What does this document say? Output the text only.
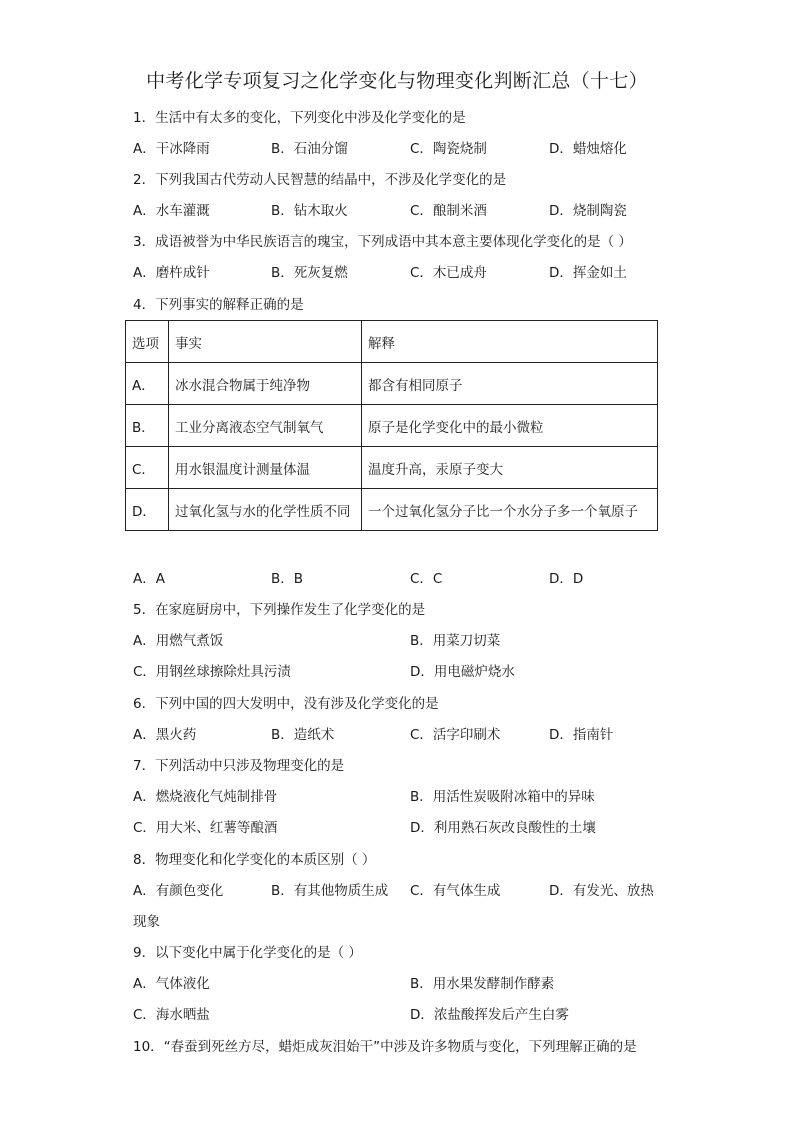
中考化学专项复习之化学变化与物理变化判断汇总（十七）
1．生活中有太多的变化，下列变化中涉及化学变化的是
A．干冰降雨	B．石油分馏	C．陶瓷烧制	D．蜡烛熔化
2．下列我国古代劳动人民智慧的结晶中，不涉及化学变化的是
A．水车灌溉	B．钻木取火	C．酿制米酒	D．烧制陶瓷
3．成语被誉为中华民族语言的瑰宝，下列成语中其本意主要体现化学变化的是（ ）
A．磨杵成针	B．死灰复燃	C．木已成舟	D．挥金如土
4．下列事实的解释正确的是
选项	事实	解释
A．	冰水混合物属于纯净物	都含有相同原子
B．	工业分离液态空气制氧气	原子是化学变化中的最小微粒
C．	用水银温度计测量体温	温度升高，汞原子变大
D．	过氧化氢与水的化学性质不同	一个过氧化氢分子比一个水分子多一个氧原子
A．A	B．B	C．C	D．D
5．在家庭厨房中，下列操作发生了化学变化的是
A．用燃气煮饭	B．用菜刀切菜
C．用钢丝球擦除灶具污渍	D．用电磁炉烧水
6．下列中国的四大发明中，没有涉及化学变化的是
A．黑火药	B．造纸术	C．活字印刷术	D．指南针
7．下列活动中只涉及物理变化的是
A．燃烧液化气炖制排骨	B．用活性炭吸附冰箱中的异味
C．用大米、红薯等酿酒	D．利用熟石灰改良酸性的土壤
8．物理变化和化学变化的本质区别（ ）
A．有颜色变化	B．有其他物质生成 C．有气体生成	D．有发光、放热
现象
9．以下变化中属于化学变化的是（ ）
A．气体液化	B．用水果发酵制作酵素
C．海水晒盐	D．浓盐酸挥发后产生白雾
10．“春蚕到死丝方尽，蜡炬成灰泪始干”中涉及许多物质与变化，下列理解正确的是
